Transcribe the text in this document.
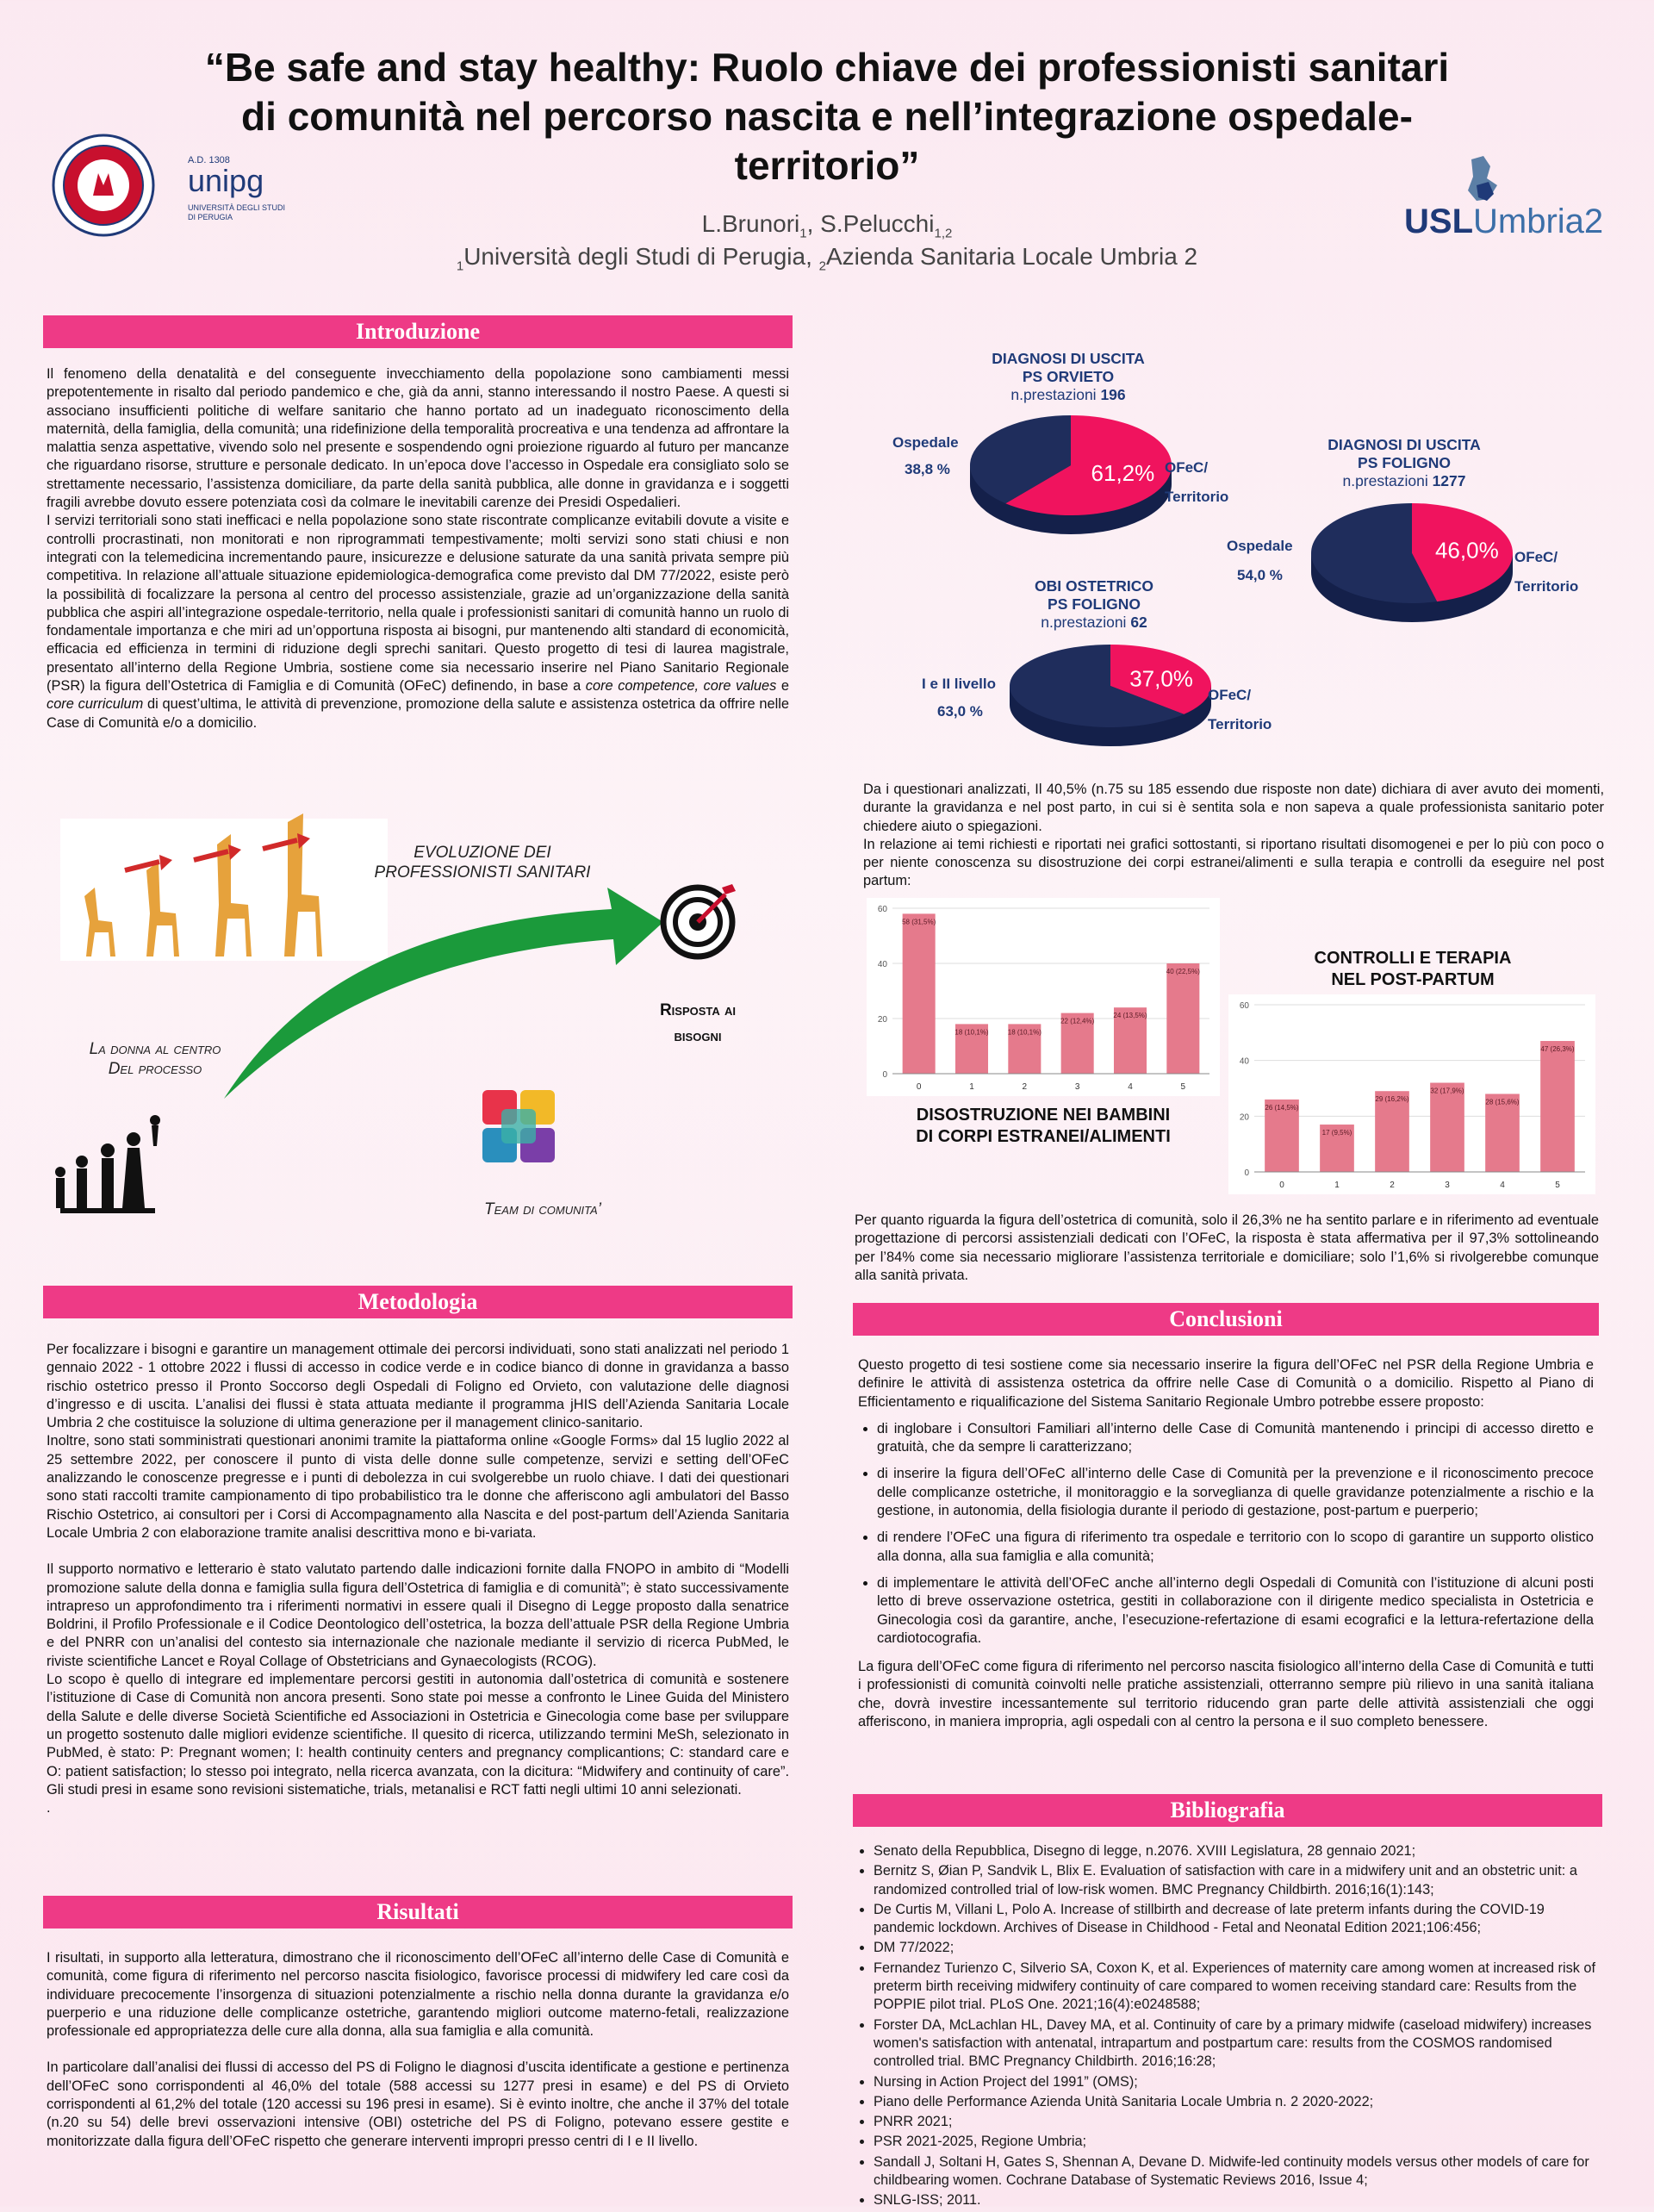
“Be safe and stay healthy: Ruolo chiave dei professionisti sanitari di comunità nel percorso nascita e nell’integrazione ospedale-territorio”
L.Brunori$_1$, S.Pelucchi$_{1,2}$
$_1$Università degli Studi di Perugia, $_2$Azienda Sanitaria Locale Umbria 2
A.D. 1308
unipg
UNIVERSITÀ DEGLI STUDI DI PERUGIA	USLUmbria2
Introduzione

Il fenomeno della denatalità e del conseguente invecchiamento della popolazione sono cambiamenti messi prepotentemente in risalto dal periodo pandemico e che, già da anni, stanno interessando il nostro Paese. A questi si associano insufficienti politiche di welfare sanitario che hanno portato ad un inadeguato riconoscimento della maternità, della famiglia, della comunità; una ridefinizione della temporalità procreativa e una tendenza ad affrontare la malattia senza aspettative, vivendo solo nel presente e sospendendo ogni proiezione riguardo al futuro per mancanze che riguardano risorse, strutture e personale dedicato. In un’epoca dove l’accesso in Ospedale era consigliato solo se strettamente necessario, l’assistenza domiciliare, da parte della sanità pubblica, alle donne in gravidanza e i soggetti fragili avrebbe dovuto essere potenziata così da colmare le inevitabili carenze dei Presidi Ospedalieri.

I servizi territoriali sono stati inefficaci e nella popolazione sono state riscontrate complicanze evitabili dovute a visite e controlli procrastinati, non monitorati e non riprogrammati tempestivamente; molti servizi sono stati chiusi e non integrati con la telemedicina incrementando paure, insicurezze e delusione saturate da una sanità privata sempre più competitiva. In relazione all’attuale situazione epidemiologica-demografica come previsto dal DM 77/2022, esiste però la possibilità di focalizzare la persona al centro del processo assistenziale, grazie ad un’organizzazione della sanità pubblica che aspiri all’integrazione ospedale-territorio, nella quale i professionisti sanitari di comunità hanno un ruolo di fondamentale importanza e che miri ad un’opportuna risposta ai bisogni, pur mantenendo alti standard di economicità, efficacia ed efficienza in termini di riduzione degli sprechi sanitari. Questo progetto di tesi di laurea magistrale, presentato all’interno della Regione Umbria, sostiene come sia necessario inserire nel Piano Sanitario Regionale (PSR) la figura dell’Ostetrica di Famiglia e di Comunità (OFeC) definendo, in base a core competence, core values e core curriculum di quest’ultima, le attività di prevenzione, promozione della salute e assistenza ostetrica da offrire nelle Case di Comunità e/o a domicilio.

EVOLUZIONE DEI
PROFESSIONISTI SANITARI
Risposta ai
bisogni
La donna al centro
Del processo
Team di comunita’
Metodologia

Per focalizzare i bisogni e garantire un management ottimale dei percorsi individuati, sono stati analizzati nel periodo 1 gennaio 2022 - 1 ottobre 2022 i flussi di accesso in codice verde e in codice bianco di donne in gravidanza a basso rischio ostetrico presso il Pronto Soccorso degli Ospedali di Foligno ed Orvieto, con valutazione delle diagnosi d’ingresso e di uscita. L’analisi dei flussi è stata attuata mediante il programma jHIS dell’Azienda Sanitaria Locale Umbria 2 che costituisce la soluzione di ultima generazione per il management clinico-sanitario.

Inoltre, sono stati somministrati questionari anonimi tramite la piattaforma online «Google Forms» dal 15 luglio 2022 al 25 settembre 2022, per conoscere il punto di vista delle donne sulle competenze, servizi e setting dell’OFeC analizzando le conoscenze pregresse e i punti di debolezza in cui svolgerebbe un ruolo chiave. I dati dei questionari sono stati raccolti tramite campionamento di tipo probabilistico tra le donne che afferiscono agli ambulatori del Basso Rischio Ostetrico, ai consultori per i Corsi di Accompagnamento alla Nascita e del post-partum dell’Azienda Sanitaria Locale Umbria 2 con elaborazione tramite analisi descrittiva mono e bi-variata.

Il supporto normativo e letterario è stato valutato partendo dalle indicazioni fornite dalla FNOPO in ambito di “Modelli promozione salute della donna e famiglia sulla figura dell’Ostetrica di famiglia e di comunità”; è stato successivamente intrapreso un approfondimento tra i riferimenti normativi in essere quali il Disegno di Legge proposto dalla senatrice Boldrini, il Profilo Professionale e il Codice Deontologico dell’ostetrica, la bozza dell’attuale PSR della Regione Umbria e del PNRR con un’analisi del contesto sia internazionale che nazionale mediante il servizio di ricerca PubMed, le riviste scientifiche Lancet e Royal Collage of Obstetricians and Gynaecologists (RCOG).

Lo scopo è quello di integrare ed implementare percorsi gestiti in autonomia dall’ostetrica di comunità e sostenere l’istituzione di Case di Comunità non ancora presenti. Sono state poi messe a confronto le Linee Guida del Ministero della Salute e delle diverse Società Scientifiche ed Associazioni in Ostetricia e Ginecologia come base per sviluppare un progetto sostenuto dalle migliori evidenze scientifiche. Il quesito di ricerca, utilizzando termini MeSh, selezionato in PubMed, è stato: P: Pregnant women; I: health continuity centers and pregnancy complicantions; C: standard care e O: patient satisfaction; lo stesso poi integrato, nella ricerca avanzata, con la dicitura: “Midwifery and continuity of care”. Gli studi presi in esame sono revisioni sistematiche, trials, metanalisi e RCT fatti negli ultimi 10 anni selezionati.

.

Risultati

I risultati, in supporto alla letteratura, dimostrano che il riconoscimento dell’OFeC all’interno delle Case di Comunità e comunità, come figura di riferimento nel percorso nascita fisiologico, favorisce processi di midwifery led care così da individuare precocemente l’insorgenza di situazioni potenzialmente a rischio nella donna durante la gravidanza e/o puerperio e una riduzione delle complicanze ostetriche, garantendo migliori outcome materno-fetali, realizzazione professionale ed appropriatezza delle cure alla donna, alla sua famiglia e alla comunità.

In particolare dall’analisi dei flussi di accesso del PS di Foligno le diagnosi d’uscita identificate a gestione e pertinenza dell’OFeC sono corrispondenti al 46,0% del totale (588 accessi su 1277 presi in esame) e del PS di Orvieto corrispondenti al 61,2% del totale (120 accessi su 196 presi in esame). Si è evinto inoltre, che anche il 37% del totale (n.20 su 54) delle brevi osservazioni intensive (OBI) ostetriche del PS di Foligno, potevano essere gestite e monitorizzate dalla figura dell’OFeC rispetto che generare interventi impropri presso centri di I e II livello.

DIAGNOSI DI USCITA
PS ORVIETO
n.prestazioni 196
61,2%
Ospedale
38,8 %	OFeC/
Territorio
DIAGNOSI DI USCITA
PS FOLIGNO
n.prestazioni 1277
46,0%
Ospedale
54,0 %
OFeC/
Territorio
OBI OSTETRICO
PS FOLIGNO
n.prestazioni 62
37,0%
I e II livello
63,0 %
OFeC/
Territorio

Da i questionari analizzati, Il 40,5% (n.75 su 185 essendo due risposte non date) dichiara di aver avuto dei momenti, durante la gravidanza e nel post parto, in cui si è sentita sola e non sapeva a quale professionista sanitario poter chiedere aiuto o spiegazioni.

In relazione ai temi richiesti e riportati nei grafici sottostanti, si riportano risultati disomogenei e per lo più con poco o per niente conoscenza su disostruzione dei corpi estranei/alimenti e sulla terapia e controlli da eseguire nel post partum:

0
20
40
60
58 (31,5%)
0
18 (10,1%)
1
18 (10,1%)
2
22 (12,4%)
3
24 (13,5%)
4
40 (22,5%)
5
DISOSTRUZIONE NEI BAMBINI
DI CORPI ESTRANEI/ALIMENTI
CONTROLLI E TERAPIA
NEL POST-PARTUM
0
20
40
60
26 (14,5%)
0
17 (9,5%)
1
29 (16,2%)
2
32 (17,9%)
3
28 (15,6%)
4
47 (26,3%)
5

Per quanto riguarda la figura dell’ostetrica di comunità, solo il 26,3% ne ha sentito parlare e in riferimento ad eventuale progettazione di percorsi assistenziali dedicati con l’OFeC, la risposta è stata affermativa per il 97,3% sottolineando per l’84% come sia necessario migliorare l’assistenza territoriale e domiciliare; solo l’1,6% si rivolgerebbe comunque alla sanità privata.

Conclusioni

Questo progetto di tesi sostiene come sia necessario inserire la figura dell’OFeC nel PSR della Regione Umbria e definire le attività di assistenza ostetrica da offrire nelle Case di Comunità o a domicilio. Rispetto al Piano di Efficientamento e riqualificazione del Sistema Sanitario Regionale Umbro potrebbe essere proposto:

• di inglobare i Consultori Familiari all’interno delle Case di Comunità mantenendo i principi di accesso diretto e gratuità, che da sempre li caratterizzano;
• di inserire la figura dell’OFeC all’interno delle Case di Comunità per la prevenzione e il riconoscimento precoce delle complicanze ostetriche, il monitoraggio e la sorveglianza di quelle gravidanze potenzialmente a rischio e la gestione, in autonomia, della fisiologia durante il periodo di gestazione, post-partum e puerperio;
• di rendere l’OFeC una figura di riferimento tra ospedale e territorio con lo scopo di garantire un supporto olistico alla donna, alla sua famiglia e alla comunità;
• di implementare le attività dell’OFeC anche all’interno degli Ospedali di Comunità con l’istituzione di alcuni posti letto di breve osservazione ostetrica, gestiti in collaborazione con il dirigente medico specialista in Ostetricia e Ginecologia così da garantire, anche, l’esecuzione-refertazione di esami ecografici e la lettura-refertazione della cardiotocografia.

La figura dell’OFeC come figura di riferimento nel percorso nascita fisiologico all’interno della Case di Comunità e tutti i professionisti di comunità coinvolti nelle pratiche assistenziali, otterranno sempre più rilievo in una sanità italiana che, dovrà investire incessantemente sul territorio riducendo gran parte delle attività assistenziali che oggi afferiscono, in maniera impropria, agli ospedali con al centro la persona e il suo completo benessere.

Bibliografia
• Senato della Repubblica, Disegno di legge, n.2076. XVIII Legislatura, 28 gennaio 2021;
• Bernitz S, Øian P, Sandvik L, Blix E. Evaluation of satisfaction with care in a midwifery unit and an obstetric unit: a randomized controlled trial of low-risk women. BMC Pregnancy Childbirth. 2016;16(1):143;
• De Curtis M, Villani L, Polo A. Increase of stillbirth and decrease of late preterm infants during the COVID-19 pandemic lockdown. Archives of Disease in Childhood - Fetal and Neonatal Edition 2021;106:456;
• DM 77/2022;
• Fernandez Turienzo C, Silverio SA, Coxon K, et al. Experiences of maternity care among women at increased risk of preterm birth receiving midwifery continuity of care compared to women receiving standard care: Results from the POPPIE pilot trial. PLoS One. 2021;16(4):e0248588;
• Forster DA, McLachlan HL, Davey MA, et al. Continuity of care by a primary midwife (caseload midwifery) increases women's satisfaction with antenatal, intrapartum and postpartum care: results from the COSMOS randomised controlled trial. BMC Pregnancy Childbirth. 2016;16:28;
• Nursing in Action Project del 1991” (OMS);
• Piano delle Performance Azienda Unità Sanitaria Locale Umbria n. 2 2020-2022;
• PNRR 2021;
• PSR 2021-2025, Regione Umbria;
• Sandall J, Soltani H, Gates S, Shennan A, Devane D. Midwife-led continuity models versus other models of care for childbearing women. Cochrane Database of Systematic Reviews 2016, Issue 4;
• SNLG-ISS; 2011.
